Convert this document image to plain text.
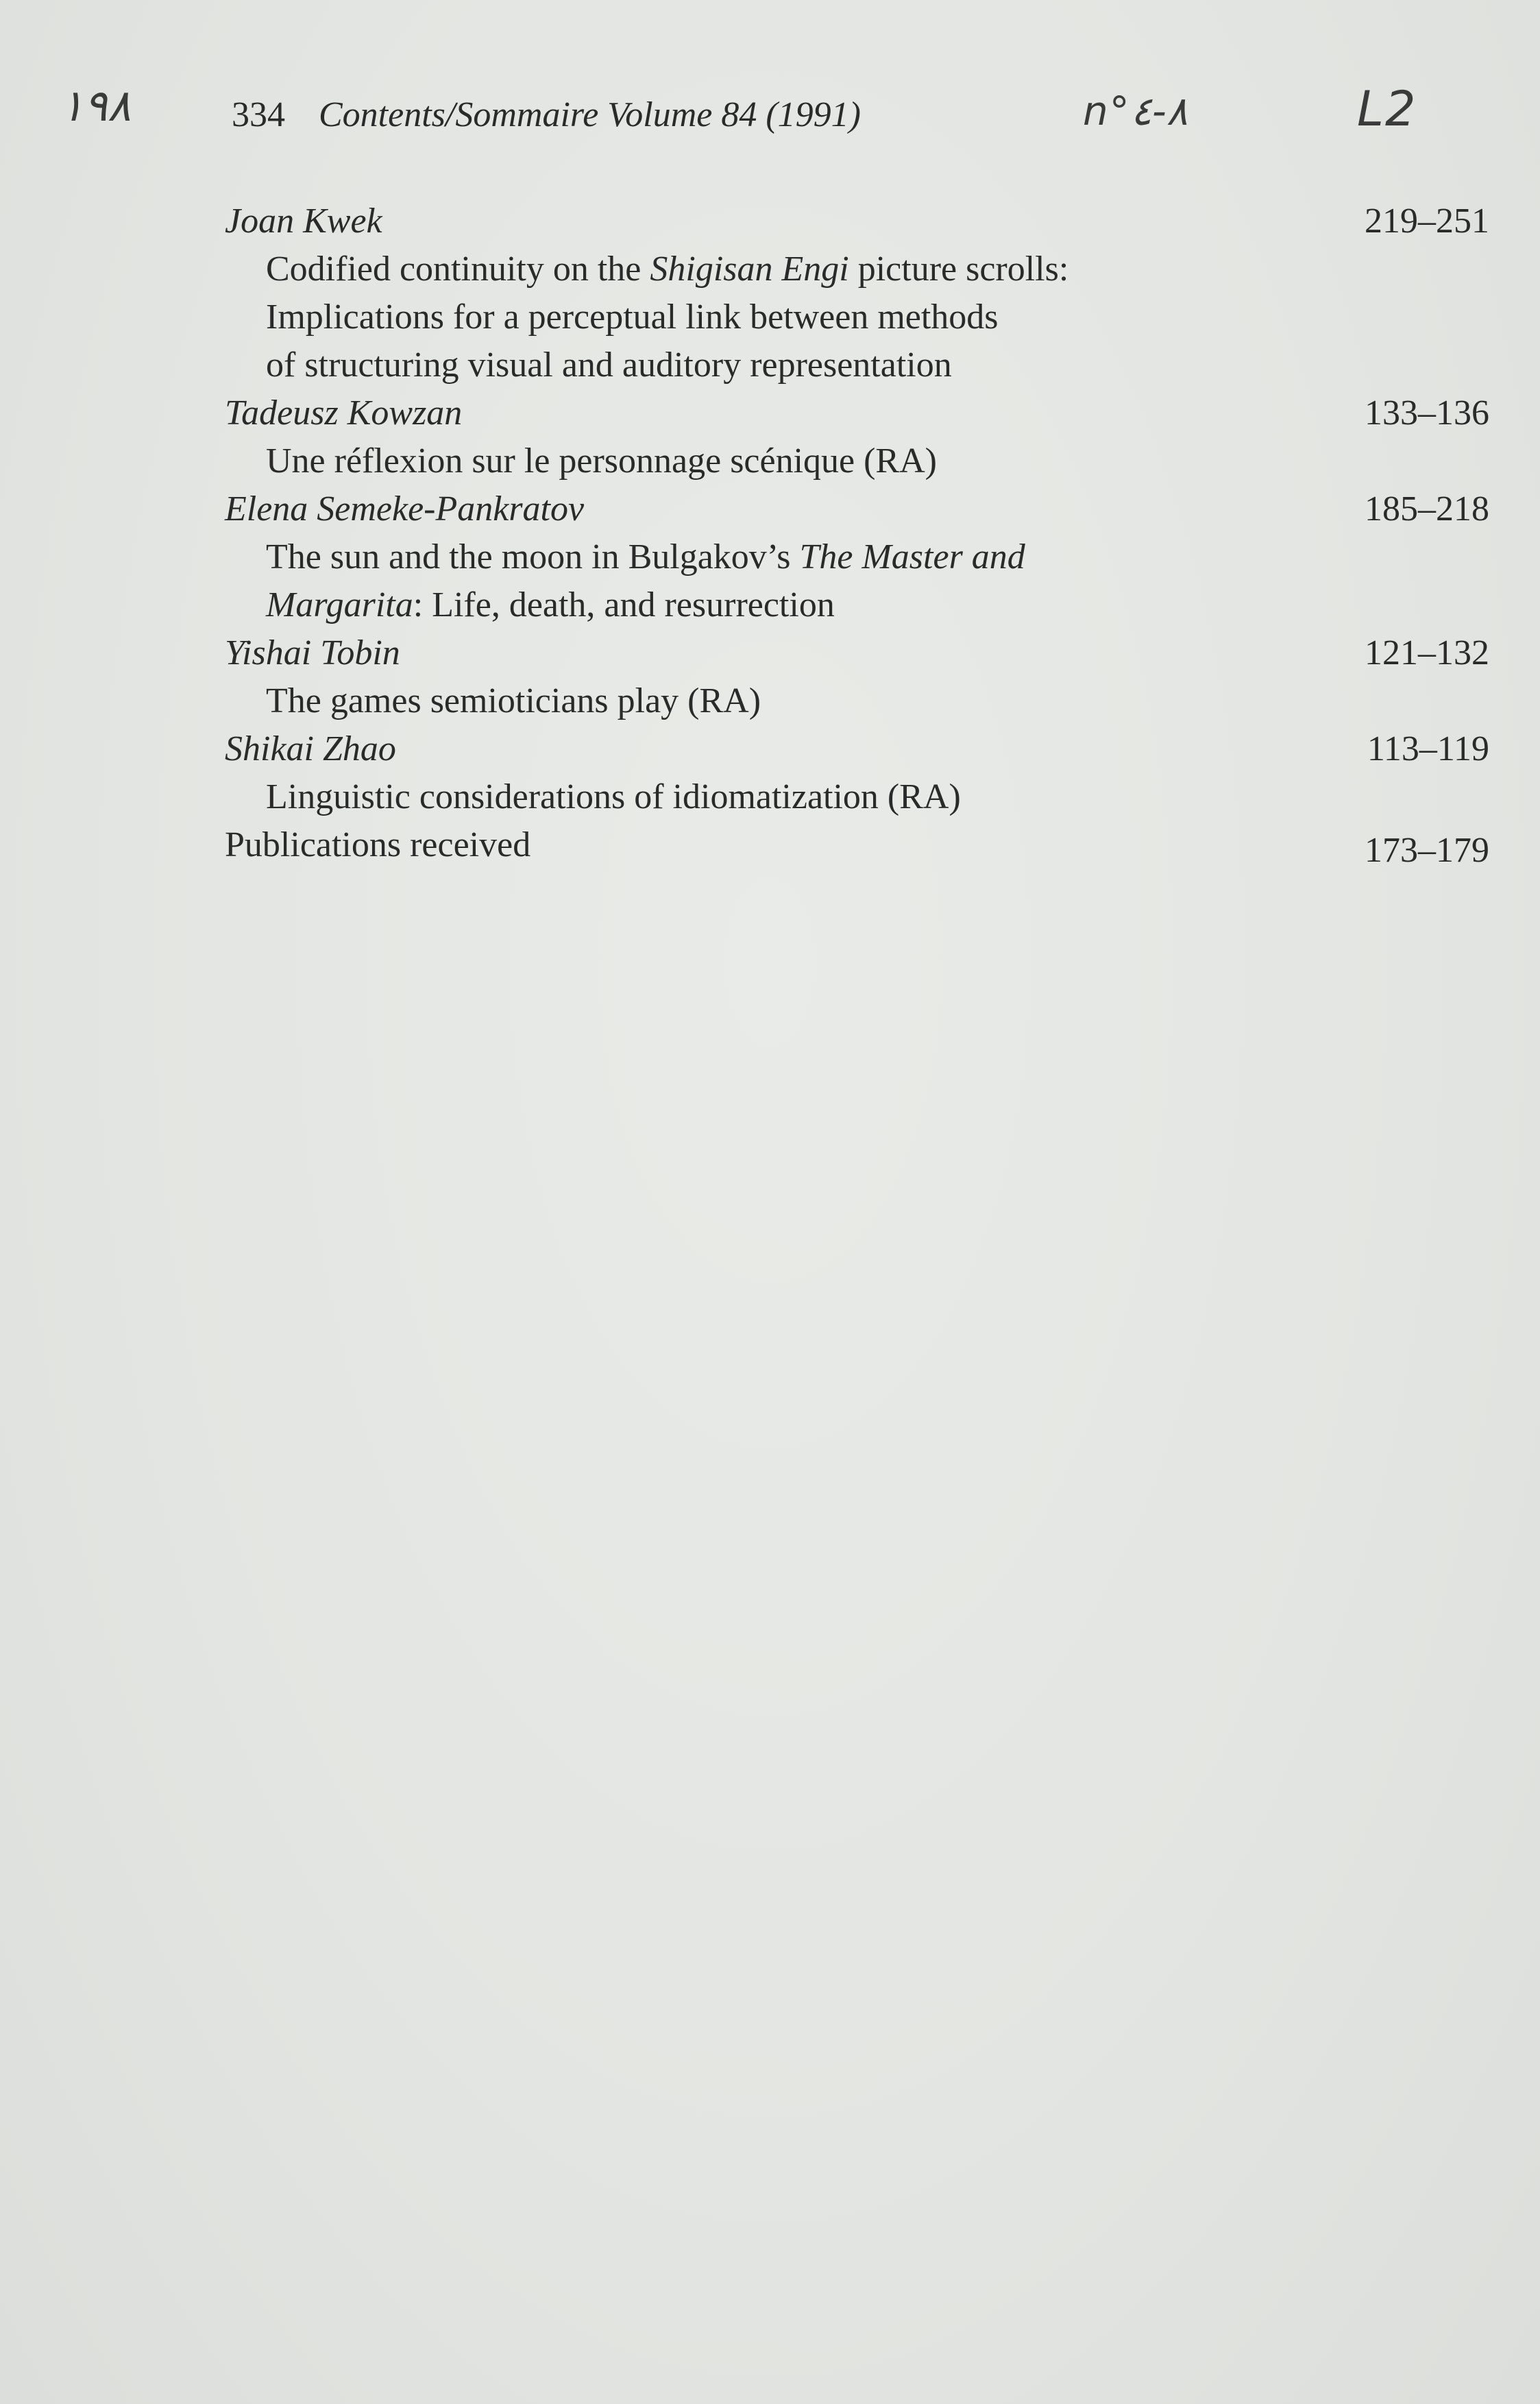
١٩٨	n°٨-٤	L2
334 Contents/Sommaire Volume 84 (1991)
Joan Kwek	219–251
Codified continuity on the Shigisan Engi picture scrolls:
Implications for a perceptual link between methods
of structuring visual and auditory representation
Tadeusz Kowzan	133–136
Une réflexion sur le personnage scénique (RA)
Elena Semeke-Pankratov	185–218
The sun and the moon in Bulgakov’s The Master and
Margarita: Life, death, and resurrection
Yishai Tobin	121–132
The games semioticians play (RA)
Shikai Zhao	113–119
Linguistic considerations of idiomatization (RA)
Publications received	173–179
